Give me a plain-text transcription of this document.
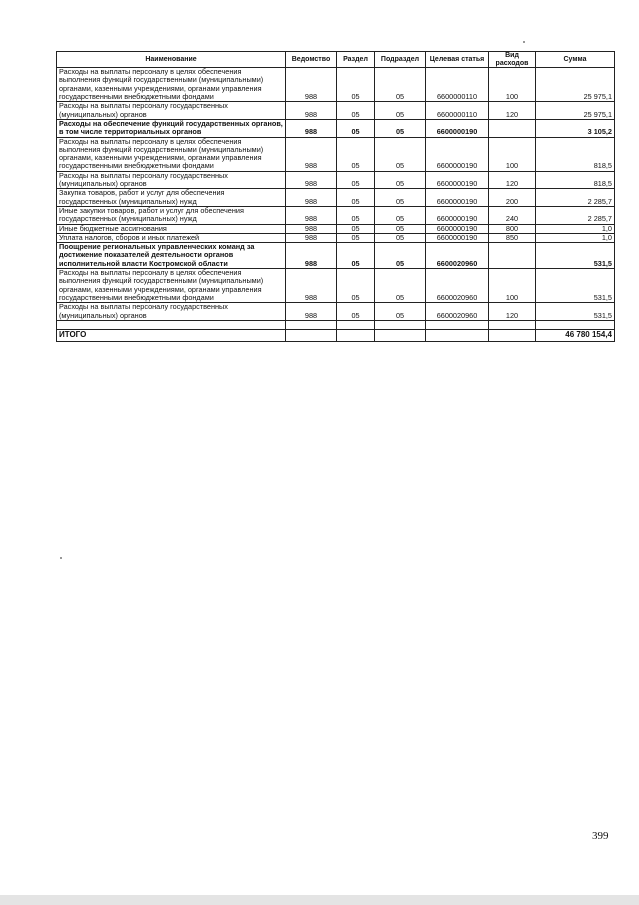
Наименование	Ведомство	Раздел	Подраздел	Целевая статья	Вид расходов	Сумма
Расходы на выплаты персоналу в целях обеспечения выполнения функций государственными (муниципальными) органами, казенными учреждениями, органами управления государственными внебюджетными фондами	988	05	05	6600000110	100	25 975,1
Расходы на выплаты персоналу государственных (муниципальных) органов	988	05	05	6600000110	120	25 975,1
Расходы на обеспечение функций государственных органов, в том числе территориальных органов	988	05	05	6600000190		3 105,2
Расходы на выплаты персоналу в целях обеспечения выполнения функций государственными (муниципальными) органами, казенными учреждениями, органами управления государственными внебюджетными фондами	988	05	05	6600000190	100	818,5
Расходы на выплаты персоналу государственных (муниципальных) органов	988	05	05	6600000190	120	818,5
Закупка товаров, работ и услуг для обеспечения государственных (муниципальных) нужд	988	05	05	6600000190	200	2 285,7
Иные закупки товаров, работ и услуг для обеспечения государственных (муниципальных) нужд	988	05	05	6600000190	240	2 285,7
Иные бюджетные ассигнования	988	05	05	6600000190	800	1,0
Уплата налогов, сборов и иных платежей	988	05	05	6600000190	850	1,0
Поощрение региональных управленческих команд за достижение показателей деятельности органов исполнительной власти Костромской области	988	05	05	6600020960		531,5
Расходы на выплаты персоналу в целях обеспечения выполнения функций государственными (муниципальными) органами, казенными учреждениями, органами управления государственными внебюджетными фондами	988	05	05	6600020960	100	531,5
Расходы на выплаты персоналу государственных (муниципальных) органов	988	05	05	6600020960	120	531,5

ИТОГО						46 780 154,4
399
